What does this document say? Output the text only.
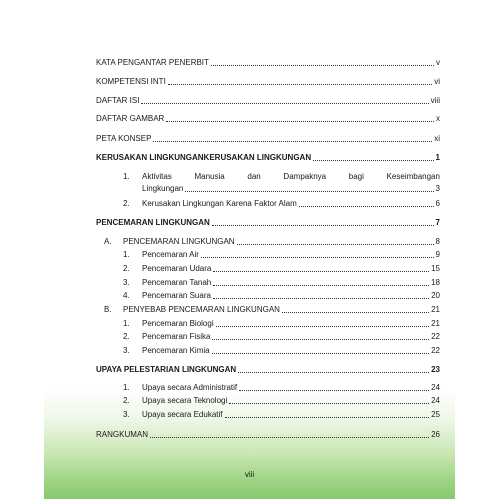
KATA PENGANTAR PENERBIT	v
KOMPETENSI INTI	vi
DAFTAR ISI	viii
DAFTAR GAMBAR	x
PETA KONSEP	xi
KERUSAKAN LINGKUNGANKERUSAKAN LINGKUNGAN	1
1. Aktivitas	Manusia	dan	Dampaknya	bagi	Keseimbangan
Lingkungan	3
2. Kerusakan Lingkungan Karena Faktor Alam	6
PENCEMARAN LINGKUNGAN	7
A. PENCEMARAN LINGKUNGAN	8
1. Pencemaran Air	9
2. Pencemaran Udara	15
3. Pencemaran Tanah	18
4. Pencemaran Suara	20
B. PENYEBAB PENCEMARAN LINGKUNGAN	21
1. Pencemaran Biologi	21
2. Pencemaran Fisika	22
3. Pencemaran Kimia	22
UPAYA PELESTARIAN LINGKUNGAN	23
1. Upaya secara Administratif	24
2. Upaya secara Teknologi	24
3. Upaya secara Edukatif	25
RANGKUMAN	26
viii
